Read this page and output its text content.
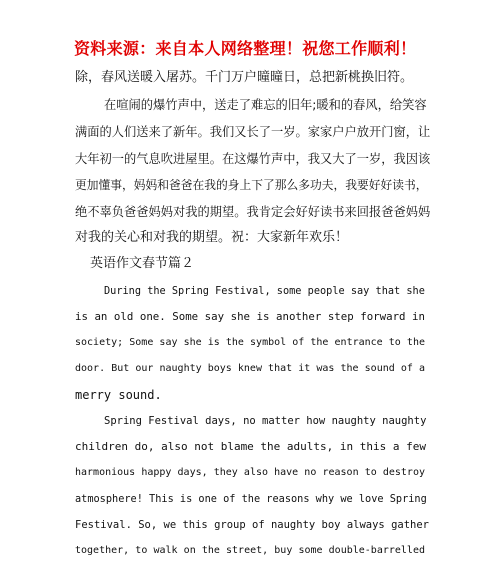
资料来源：来自本人网络整理！祝您工作顺利！
除，春风送暖入屠苏。千门万户曈曈日，总把新桃换旧符。
在喧闹的爆竹声中，送走了难忘的旧年;暖和的春风，给笑容
满面的人们送来了新年。我们又长了一岁。家家户户放开门窗，让
大年初一的气息吹进屋里。在这爆竹声中，我又大了一岁，我因该
更加懂事，妈妈和爸爸在我的身上下了那么多功夫，我要好好读书，
绝不辜负爸爸妈妈对我的期望。我肯定会好好读书来回报爸爸妈妈
对我的关心和对我的期望。祝：大家新年欢乐！
英语作文春节篇２
During the Spring Festival, some people say that she
is an old one. Some say she is another step forward in
society; Some say she is the symbol of the entrance to the
door. But our naughty boys knew that it was the sound of a
merry sound.
Spring Festival days, no matter how naughty naughty
children do, also not blame the adults, in this a few
harmonious happy days, they also have no reason to destroy
atmosphere! This is one of the reasons why we love Spring
Festival. So, we this group of naughty boy always gather
together, to walk on the street, buy some double-barrelled
